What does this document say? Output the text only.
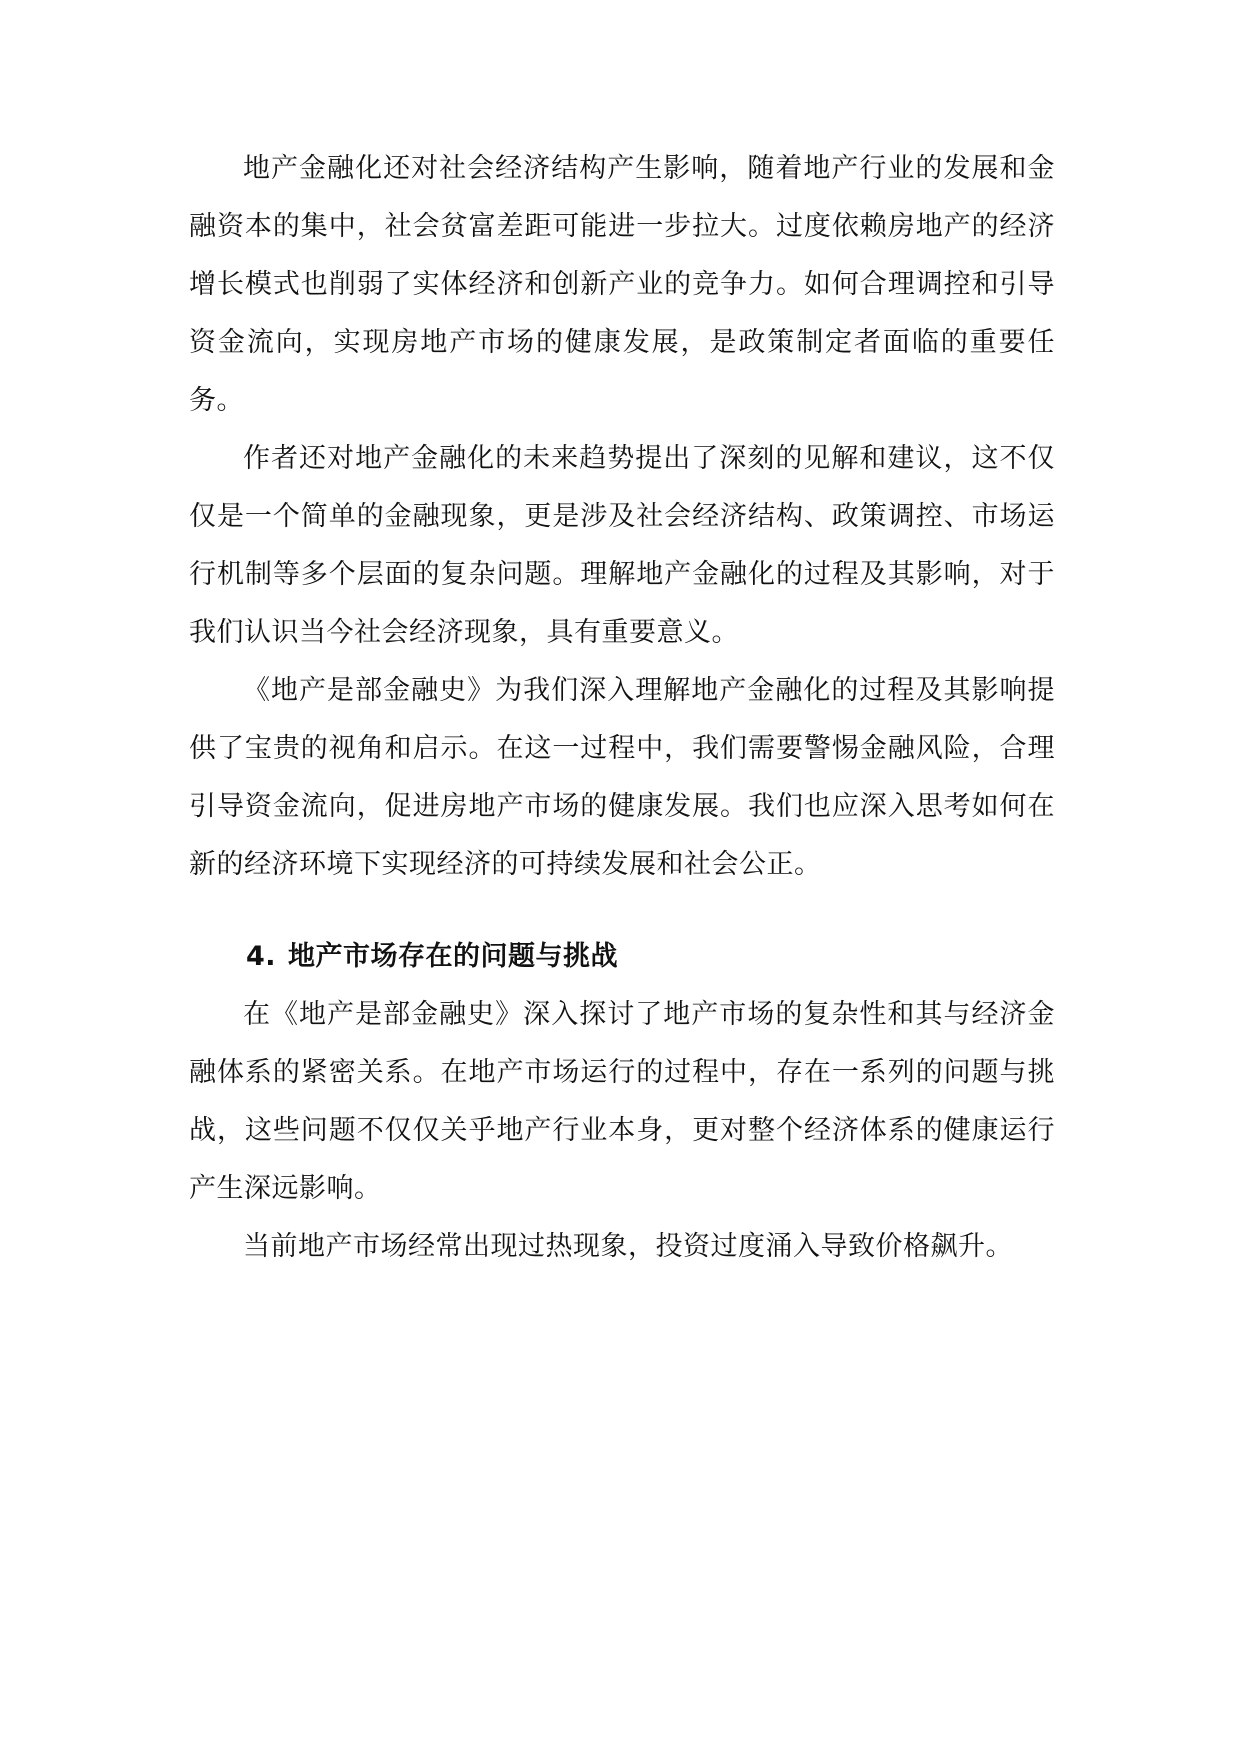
地产金融化还对社会经济结构产生影响，随着地产行业的发展和金融资本的集中，社会贫富差距可能进一步拉大。过度依赖房地产的经济增长模式也削弱了实体经济和创新产业的竞争力。如何合理调控和引导资金流向，实现房地产市场的健康发展，是政策制定者面临的重要任务。

作者还对地产金融化的未来趋势提出了深刻的见解和建议，这不仅仅是一个简单的金融现象，更是涉及社会经济结构、政策调控、市场运行机制等多个层面的复杂问题。理解地产金融化的过程及其影响，对于我们认识当今社会经济现象，具有重要意义。

《地产是部金融史》为我们深入理解地产金融化的过程及其影响提供了宝贵的视角和启示。在这一过程中，我们需要警惕金融风险，合理引导资金流向，促进房地产市场的健康发展。我们也应深入思考如何在新的经济环境下实现经济的可持续发展和社会公正。

4. 地产市场存在的问题与挑战

在《地产是部金融史》深入探讨了地产市场的复杂性和其与经济金融体系的紧密关系。在地产市场运行的过程中，存在一系列的问题与挑战，这些问题不仅仅关乎地产行业本身，更对整个经济体系的健康运行产生深远影响。

当前地产市场经常出现过热现象，投资过度涌入导致价格飙升。
